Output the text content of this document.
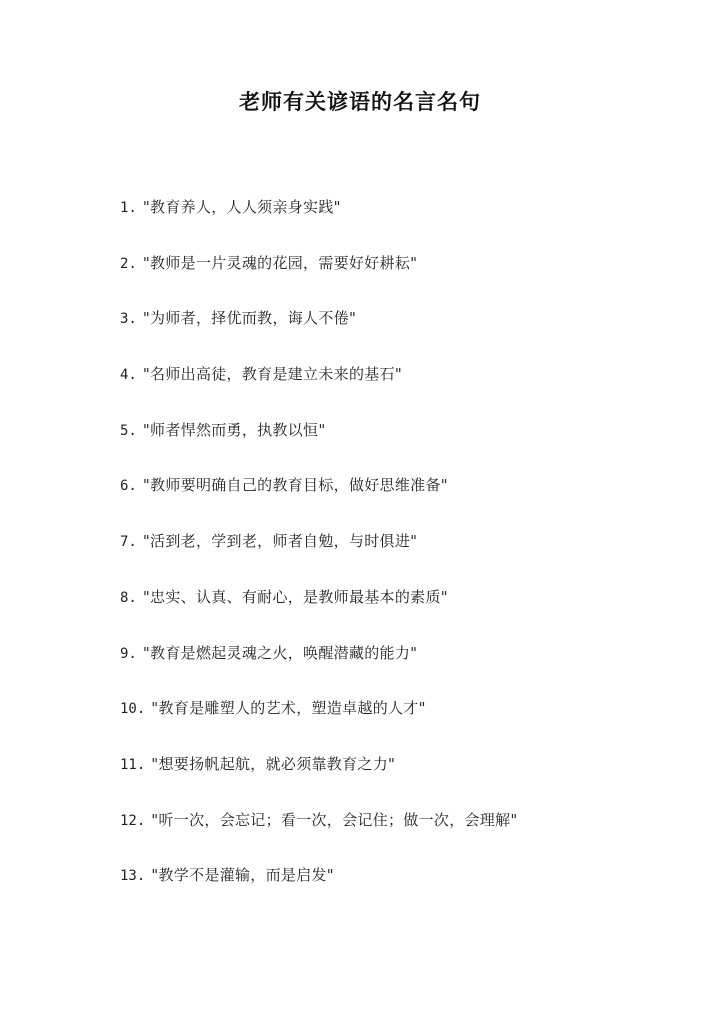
老师有关谚语的名言名句
1. "教育养人，人人须亲身实践"
2. "教师是一片灵魂的花园，需要好好耕耘"
3. "为师者，择优而教，诲人不倦"
4. "名师出高徒，教育是建立未来的基石"
5. "师者悍然而勇，执教以恒"
6. "教师要明确自己的教育目标，做好思维准备"
7. "活到老，学到老，师者自勉，与时俱进"
8. "忠实、认真、有耐心，是教师最基本的素质"
9. "教育是燃起灵魂之火，唤醒潜藏的能力"
10. "教育是雕塑人的艺术，塑造卓越的人才"
11. "想要扬帆起航，就必须靠教育之力"
12. "听一次，会忘记；看一次，会记住；做一次，会理解"
13. "教学不是灌输，而是启发"
